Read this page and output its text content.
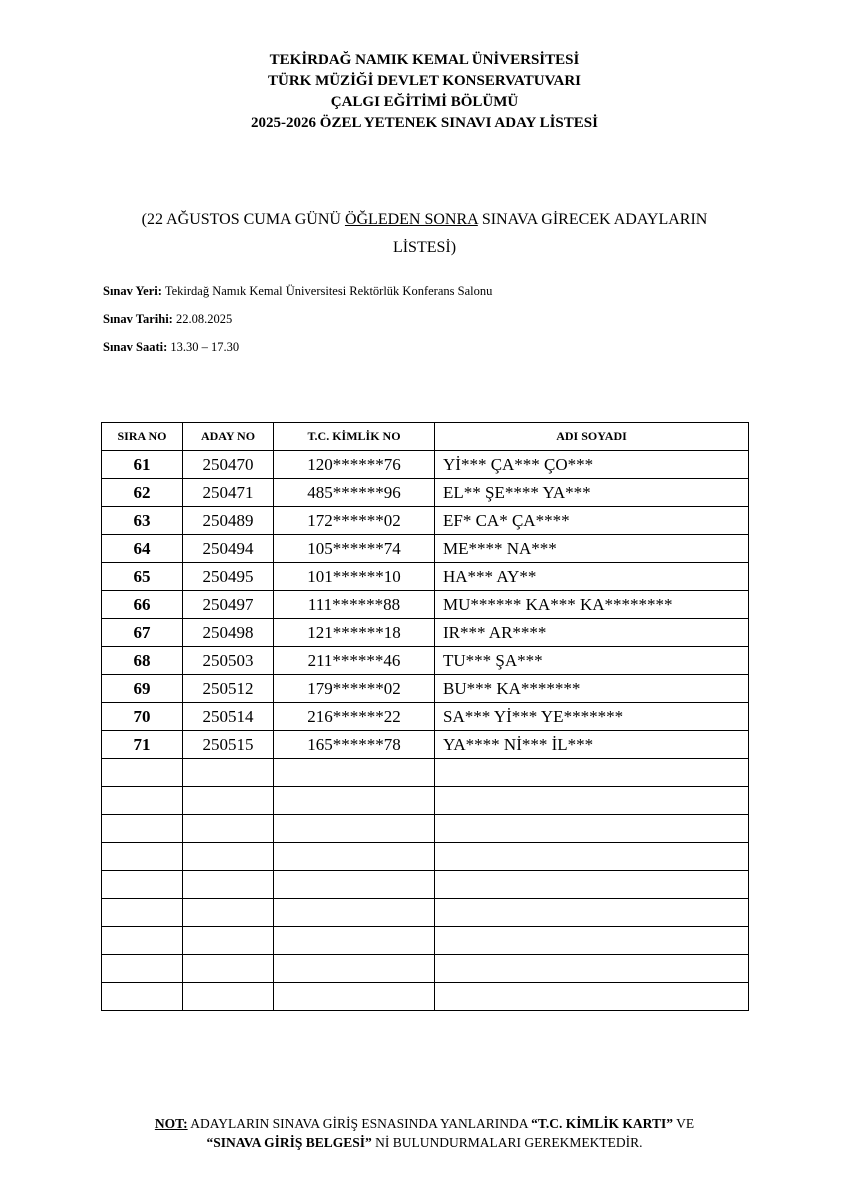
TEKİRDAĞ NAMIK KEMAL ÜNİVERSİTESİ
TÜRK MÜZİĞİ DEVLET KONSERVATUVARI
ÇALGI EĞİTİMİ BÖLÜMÜ
2025-2026 ÖZEL YETENEK SINAVI ADAY LİSTESİ
(22 AĞUSTOS CUMA GÜNÜ ÖĞLEDEN SONRA SINAVA GİRECEK ADAYLARIN
LİSTESİ)
Sınav Yeri: Tekirdağ Namık Kemal Üniversitesi Rektörlük Konferans Salonu
Sınav Tarihi: 22.08.2025
Sınav Saati: 13.30 – 17.30
SIRA NO	ADAY NO	T.C. KİMLİK NO	ADI SOYADI
61	250470	120******76	Yİ*** ÇA*** ÇO***
62	250471	485******96	EL** ŞE**** YA***
63	250489	172******02	EF* CA* ÇA****
64	250494	105******74	ME**** NA***
65	250495	101******10	HA*** AY**
66	250497	111******88	MU****** KA*** KA********
67	250498	121******18	IR*** AR****
68	250503	211******46	TU*** ŞA***
69	250512	179******02	BU*** KA*******
70	250514	216******22	SA*** Yİ*** YE*******
71	250515	165******78	YA**** Nİ*** İL***

NOT: ADAYLARIN SINAVA GİRİŞ ESNASINDA YANLARINDA “T.C. KİMLİK KARTI” VE
“SINAVA GİRİŞ BELGESİ” Nİ BULUNDURMALARI GEREKMEKTEDİR.
